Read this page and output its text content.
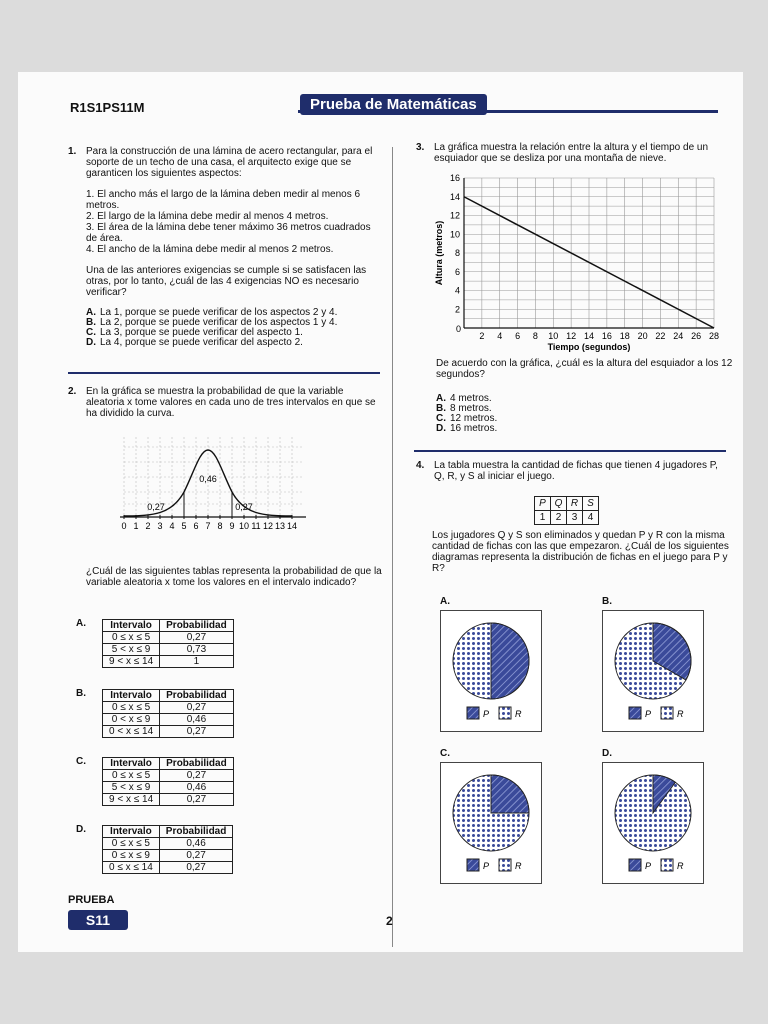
R1S1PS11M	Prueba de Matemáticas
1. Para la construcción de una lámina de acero rectangular, para el soporte de un techo de una casa, el arquitecto exige que se garanticen los siguientes aspectos:
1. El ancho más el largo de la lámina deben medir al menos 6 metros.
2. El largo de la lámina debe medir al menos 4 metros.
3. El área de la lámina debe tener máximo 36 metros cuadrados de área.
4. El ancho de la lámina debe medir al menos 2 metros.
Una de las anteriores exigencias se cumple si se satisfacen las otras, por lo tanto, ¿cuál de las 4 exigencias NO es necesario verificar?
A. La 1, porque se puede verificar de los aspectos 2 y 4.
B. La 2, porque se puede verificar de los aspectos 1 y 4.
C. La 3, porque se puede verificar del aspecto 1.
D. La 4, porque se puede verificar del aspecto 2.
2. En la gráfica se muestra la probabilidad de que la variable aleatoria x tome valores en cada uno de tres intervalos en que se ha dividido la curva.
0 1 2 3 4 5 6 7 8 9 10 11 12 13 14
0,27
0,46
0,27
¿Cuál de las siguientes tablas representa la probabilidad de que la variable aleatoria x tome los valores en el intervalo indicado?
A. Intervalo	Probabilidad
0 ≤ x ≤ 5	0,27
5 < x ≤ 9	0,73
9 < x ≤ 14	1
B. Intervalo	Probabilidad
0 ≤ x ≤ 5	0,27
0 < x ≤ 9	0,46
0 < x ≤ 14	0,27
C. Intervalo	Probabilidad
0 ≤ x ≤ 5	0,27
5 < x ≤ 9	0,46
9 < x ≤ 14	0,27
D. Intervalo	Probabilidad
0 ≤ x ≤ 5	0,46
0 ≤ x ≤ 9	0,27
0 ≤ x ≤ 14	0,27
3. La gráfica muestra la relación entre la altura y el tiempo de un esquiador que se desliza por una montaña de nieve.
2 4 6 8 10 12 14 16 18 20 22 24 26 28
0
2
4
6
8
10
12
14
16
Tiempo (segundos)
Altura (metros)
De acuerdo con la gráfica, ¿cuál es la altura del esquiador a los 12 segundos?
A. 4 metros.
B. 8 metros.
C. 12 metros.
D. 16 metros.
4. La tabla muestra la cantidad de fichas que tienen 4 jugadores P, Q, R, y S al iniciar el juego.
P	Q	R	S
1	2	3	4
Los jugadores Q y S son eliminados y quedan P y R con la misma cantidad de fichas con las que empezaron. ¿Cuál de los siguientes diagramas representa la distribución de fichas en el juego para P y R?
A.
P	R
B.
P	R
C.
P	R
D.
P	R
PRUEBA
S11	2
